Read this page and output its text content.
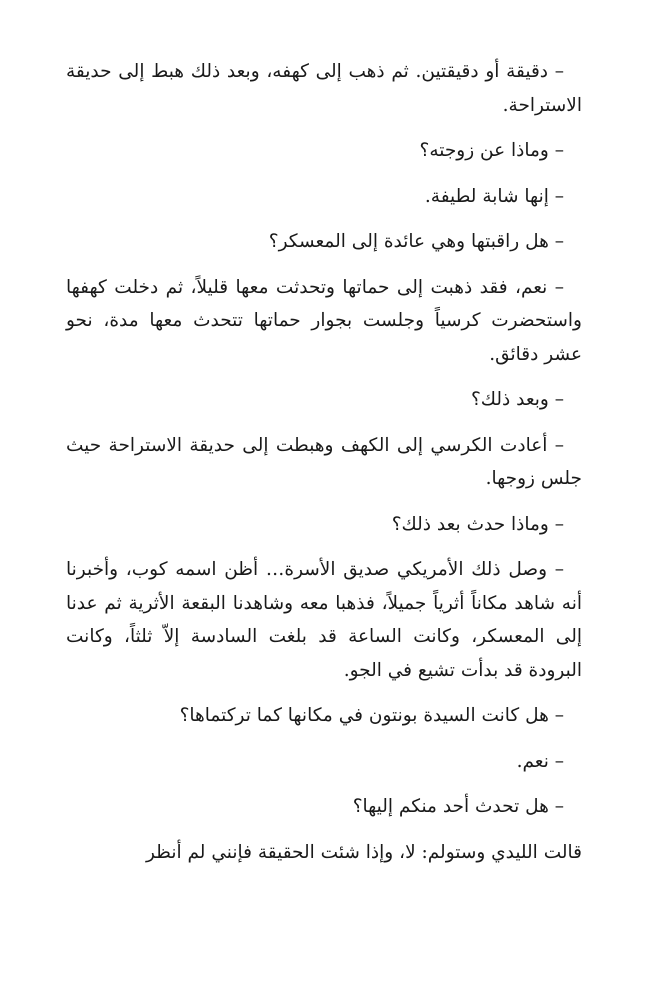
– دقيقة أو دقيقتين. ثم ذهب إلى كهفه، وبعد ذلك هبط إلى حديقة الاستراحة.

– وماذا عن زوجته؟

– إنها شابة لطيفة.

– هل راقبتها وهي عائدة إلى المعسكر؟

– نعم، فقد ذهبت إلى حماتها وتحدثت معها قليلاً، ثم دخلت كهفها واستحضرت كرسياً وجلست بجوار حماتها تتحدث معها مدة، نحو عشر دقائق.

– وبعد ذلك؟

– أعادت الكرسي إلى الكهف وهبطت إلى حديقة الاستراحة حيث جلس زوجها.

– وماذا حدث بعد ذلك؟

– وصل ذلك الأمريكي صديق الأسرة… أظن اسمه كوب، وأخبرنا أنه شاهد مكاناً أثرياً جميلاً، فذهبا معه وشاهدنا البقعة الأثرية ثم عدنا إلى المعسكر، وكانت الساعة قد بلغت السادسة إلاّ ثلثاً، وكانت البرودة قد بدأت تشيع في الجو.

– هل كانت السيدة بونتون في مكانها كما تركتماها؟

– نعم.

– هل تحدث أحد منكم إليها؟

قالت الليدي وستولم: لا، وإذا شئت الحقيقة فإنني لم أنظر
